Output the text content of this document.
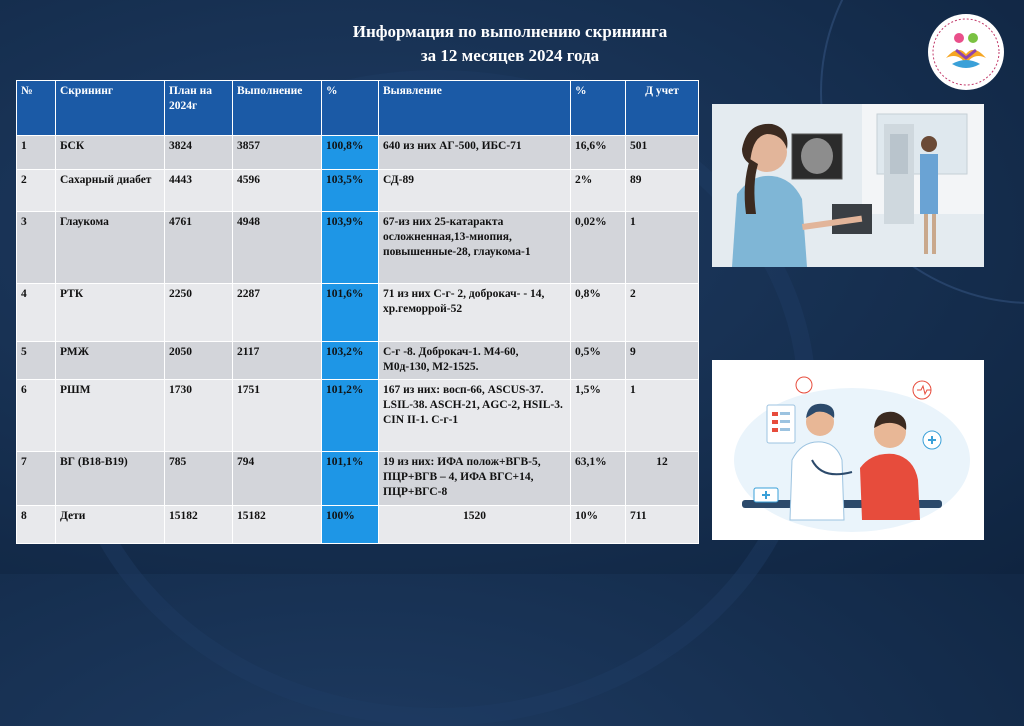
Информация по выполнению скрининга
за 12 месяцев 2024 года
№	Скрининг	План на 2024г	Выполнение	%	Выявление	%	Д учет
1	БСК	3824	3857	100,8%	640 из них АГ-500, ИБС-71	16,6%	501
2	Сахарный диабет	4443	4596	103,5%	СД-89	2%	89
3	Глаукома	4761	4948	103,9%	67-из них 25-катаракта осложненная,13-миопия, повышенные-28, глаукома-1	0,02%	1
4	РТК	2250	2287	101,6%	71 из них С-г- 2, доброкач- - 14, хр.геморрой-52	0,8%	2
5	РМЖ	2050	2117	103,2%	С-г -8. Доброкач-1. М4-60, М0д-130, М2-1525.	0,5%	9
6	РШМ	1730	1751	101,2%	167 из них: восп-66, ASCUS-37. LSIL-38. ASCH-21, AGC-2, HSIL-3. CIN II-1. С-г-1	1,5%	1
7	ВГ (В18-В19)	785	794	101,1%	19 из них: ИФА полож+ВГВ-5, ПЦР+ВГВ – 4, ИФА ВГС+14, ПЦР+ВГС-8	63,1%	12
8	Дети	15182	15182	100%	1520	10%	711
